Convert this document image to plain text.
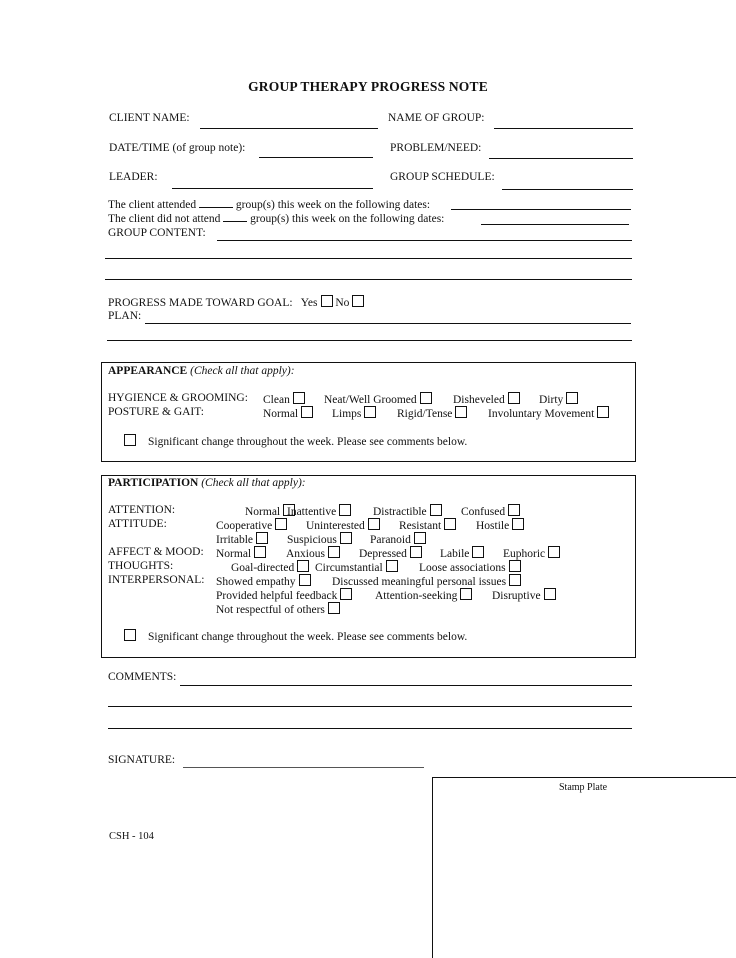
GROUP THERAPY PROGRESS NOTE
CLIENT NAME:	NAME OF GROUP:
DATE/TIME (of group note):	PROBLEM/NEED:
LEADER:	GROUP SCHEDULE:
The client attended	group(s) this week on the following dates:
The client did not attend	group(s) this week on the following dates:
GROUP CONTENT:
PROGRESS MADE TOWARD GOAL: Yes No
PLAN:
APPEARANCE (Check all that apply):
HYGIENCE & GROOMING: Clean	Neat/Well Groomed	Disheveled	Dirty
POSTURE & GAIT:	Normal	Limps	Rigid/Tense	Involuntary Movement
Significant change throughout the week. Please see comments below.
PARTICIPATION (Check all that apply):
ATTENTION:	Normal Inattentive	Distractible	Confused
ATTITUDE:	Cooperative	Uninterested	Resistant	Hostile
Irritable	Suspicious	Paranoid
AFFECT & MOOD: Normal	Anxious	Depressed	Labile	Euphoric
THOUGHTS:	Goal-directed	Circumstantial	Loose associations
INTERPERSONAL: Showed empathy	Discussed meaningful personal issues
Provided helpful feedback	Attention-seeking	Disruptive
Not respectful of others
Significant change throughout the week. Please see comments below.
COMMENTS:
SIGNATURE:
CSH - 104
Stamp Plate
